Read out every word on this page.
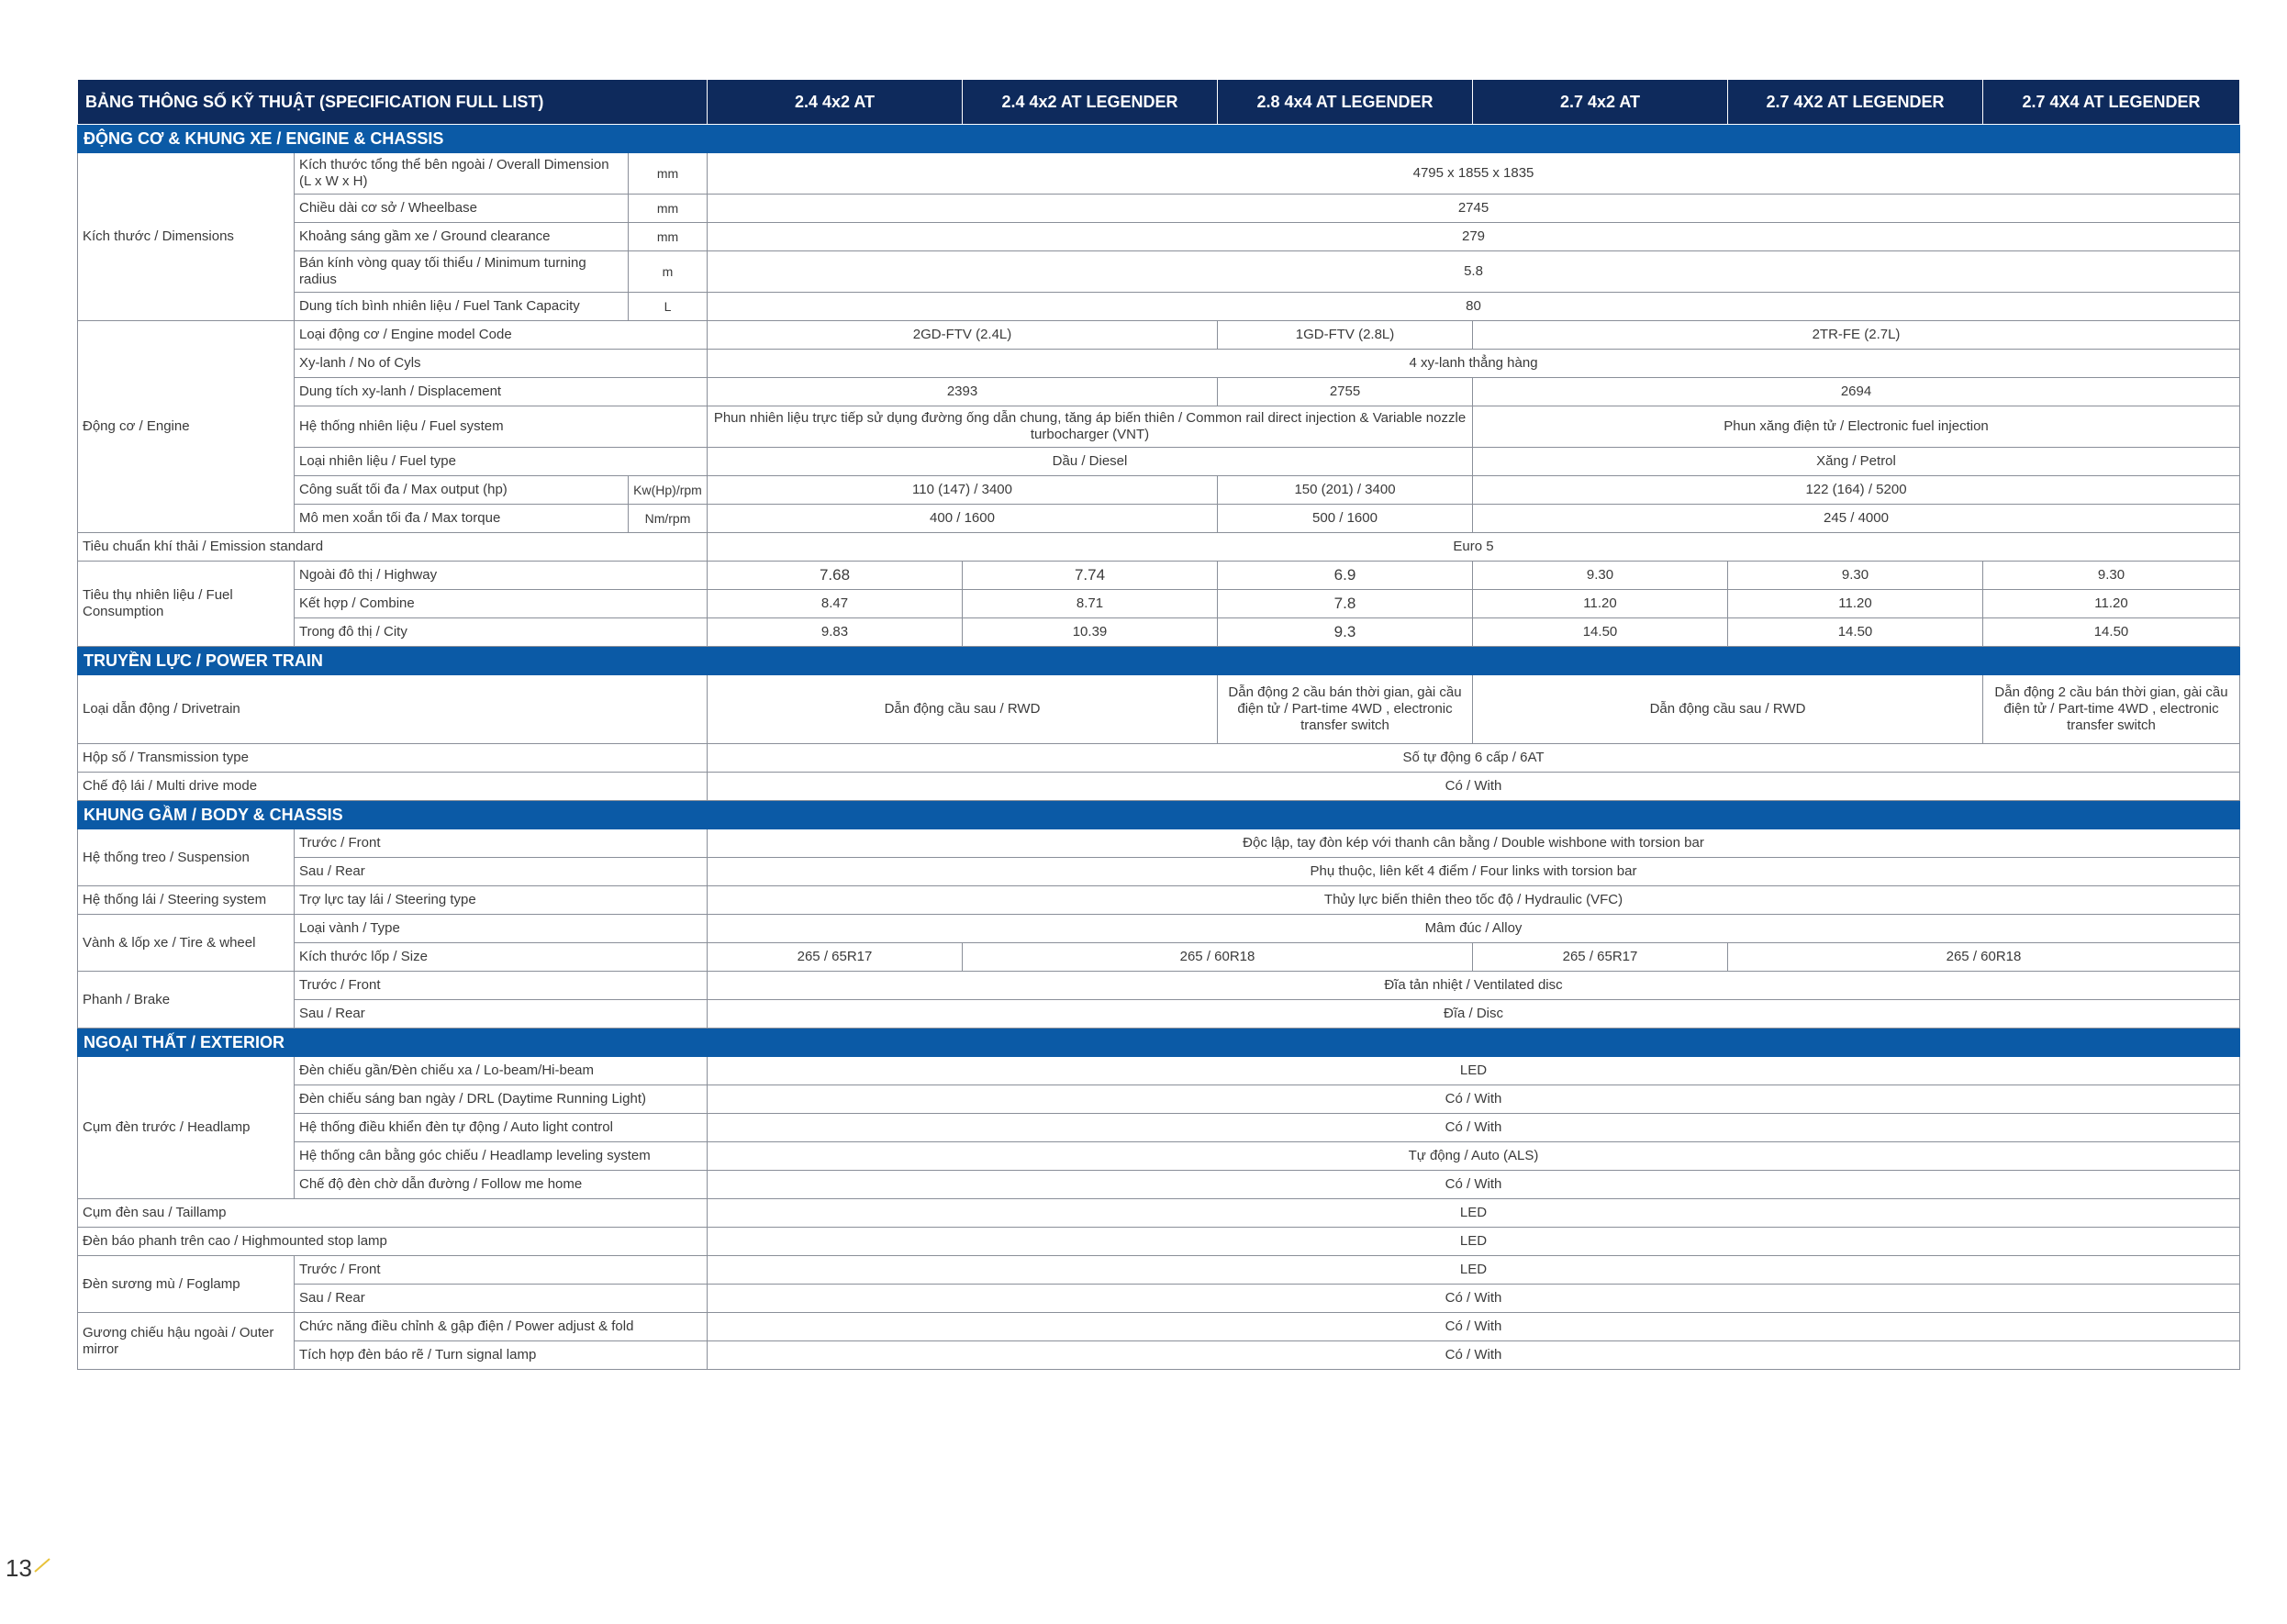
BẢNG THÔNG SỐ KỸ THUẬT (SPECIFICATION FULL LIST)			2.4 4x2 AT	2.4 4x2 AT LEGENDER	2.8 4x4 AT LEGENDER	2.7 4x2 AT	2.7 4X2 AT LEGENDER	2.7 4X4 AT LEGENDER
ĐỘNG CƠ & KHUNG XE / ENGINE & CHASSIS								
Kích thước / Dimensions	Kích thước tổng thể bên ngoài / Overall Dimension (L x W x H)	mm	4795 x 1855 x 1835					
	Chiều dài cơ sở / Wheelbase	mm	2745					
	Khoảng sáng gầm xe / Ground clearance	mm	279					
	Bán kính vòng quay tối thiểu / Minimum turning radius	m	5.8					
	Dung tích bình nhiên liệu / Fuel Tank Capacity	L	80					
Động cơ / Engine	Loại động cơ / Engine model Code		2GD-FTV (2.4L)		1GD-FTV (2.8L)	2TR-FE (2.7L)		
	Xy-lanh / No of Cyls		4 xy-lanh thẳng hàng					
	Dung tích xy-lanh / Displacement		2393		2755	2694		
	Hệ thống nhiên liệu / Fuel system		Phun nhiên liệu trực tiếp sử dụng đường ống dẫn chung, tăng áp biến thiên / Common rail direct injection & Variable nozzle turbocharger (VNT)			Phun xăng điện tử / Electronic fuel injection		
	Loại nhiên liệu / Fuel type		Dầu / Diesel			Xăng / Petrol		
	Công suất tối đa / Max output (hp)	Kw(Hp)/rpm	110 (147) / 3400		150 (201) / 3400	122 (164) / 5200		
	Mô men xoắn tối đa / Max torque	Nm/rpm	400 / 1600		500 / 1600	245 / 4000		
Tiêu chuẩn khí thải / Emission standard			Euro 5					
Tiêu thụ nhiên liệu / Fuel Consumption	Ngoài đô thị / Highway		7.68	7.74	6.9	9.30	9.30	9.30
	Kết hợp / Combine		8.47	8.71	7.8	11.20	11.20	11.20
	Trong đô thị / City		9.83	10.39	9.3	14.50	14.50	14.50
TRUYỀN LỰC / POWER TRAIN								
Loại dẫn động / Drivetrain			Dẫn động cầu sau / RWD		Dẫn động 2 cầu bán thời gian, gài cầu điện tử / Part-time 4WD , electronic transfer switch	Dẫn động cầu sau / RWD		Dẫn động 2 cầu bán thời gian, gài cầu điện tử / Part-time 4WD , electronic transfer switch
Hộp số / Transmission type			Số tự động 6 cấp / 6AT					
Chế độ lái / Multi drive mode			Có / With					
KHUNG GẦM / BODY & CHASSIS								
Hệ thống treo / Suspension	Trước / Front		Độc lập, tay đòn kép với thanh cân bằng / Double wishbone with torsion bar					
	Sau / Rear		Phụ thuộc, liên kết 4 điểm / Four links with torsion bar					
Hệ thống lái / Steering system	Trợ lực tay lái / Steering type		Thủy lực biến thiên theo tốc độ / Hydraulic (VFC)					
Vành & lốp xe / Tire & wheel	Loại vành / Type		Mâm đúc / Alloy					
	Kích thước lốp / Size		265 / 65R17	265 / 60R18		265 / 65R17	265 / 60R18	
Phanh / Brake	Trước / Front		Đĩa tản nhiệt / Ventilated disc					
	Sau / Rear		Đĩa / Disc					
NGOẠI THẤT / EXTERIOR								
Cụm đèn trước / Headlamp	Đèn chiếu gần/Đèn chiếu xa / Lo-beam/Hi-beam		LED					
	Đèn chiếu sáng ban ngày / DRL (Daytime Running Light)		Có / With					
	Hệ thống điều khiển đèn tự động / Auto light control		Có / With					
	Hệ thống cân bằng góc chiếu / Headlamp leveling system		Tự động / Auto (ALS)					
	Chế độ đèn chờ dẫn đường / Follow me home		Có / With					
Cụm đèn sau / Taillamp			LED					
Đèn báo phanh trên cao / Highmounted stop lamp			LED					
Đèn sương mù / Foglamp	Trước / Front		LED					
	Sau / Rear		Có / With					
Gương chiếu hậu ngoài / Outer mirror	Chức năng điều chỉnh & gập điện / Power adjust & fold		Có / With					
	Tích hợp đèn báo rẽ / Turn signal lamp		Có / With					
13
